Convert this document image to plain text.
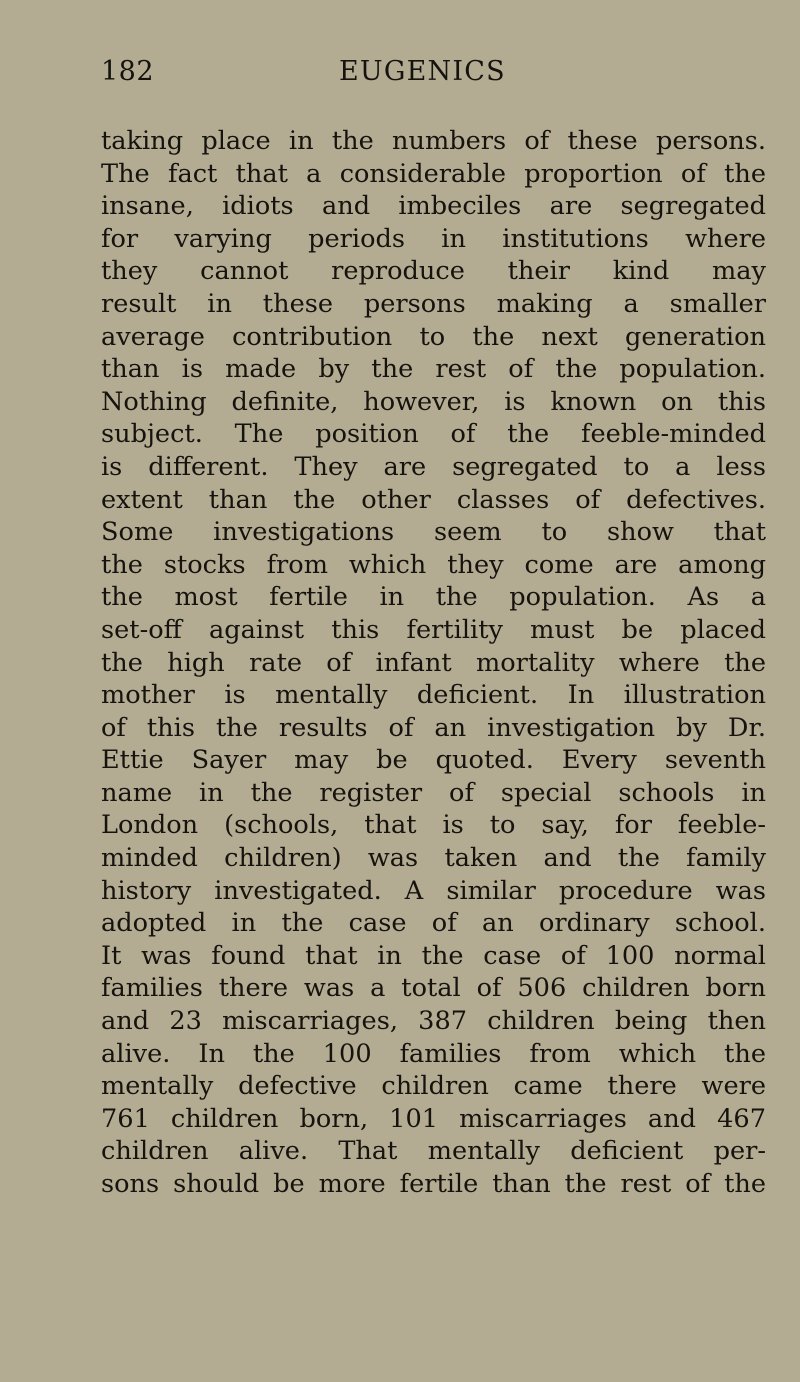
182	EUGENICS
taking place in the numbers of these persons.
The fact that a considerable proportion of the
insane, idiots and imbeciles are segregated
for varying periods in institutions where
they cannot reproduce their kind may
result in these persons making a smaller
average contribution to the next generation
than is made by the rest of the population.
Nothing definite, however, is known on this
subject. The position of the feeble-minded
is different. They are segregated to a less
extent than the other classes of defectives.
Some investigations seem to show that
the stocks from which they come are among
the most fertile in the population. As a
set-off against this fertility must be placed
the high rate of infant mortality where the
mother is mentally deficient. In illustration
of this the results of an investigation by Dr.
Ettie Sayer may be quoted. Every seventh
name in the register of special schools in
London (schools, that is to say, for feeble-
minded children) was taken and the family
history investigated. A similar procedure was
adopted in the case of an ordinary school.
It was found that in the case of 100 normal
families there was a total of 506 children born
and 23 miscarriages, 387 children being then
alive. In the 100 families from which the
mentally defective children came there were
761 children born, 101 miscarriages and 467
children alive. That mentally deficient per-
sons should be more fertile than the rest of the
